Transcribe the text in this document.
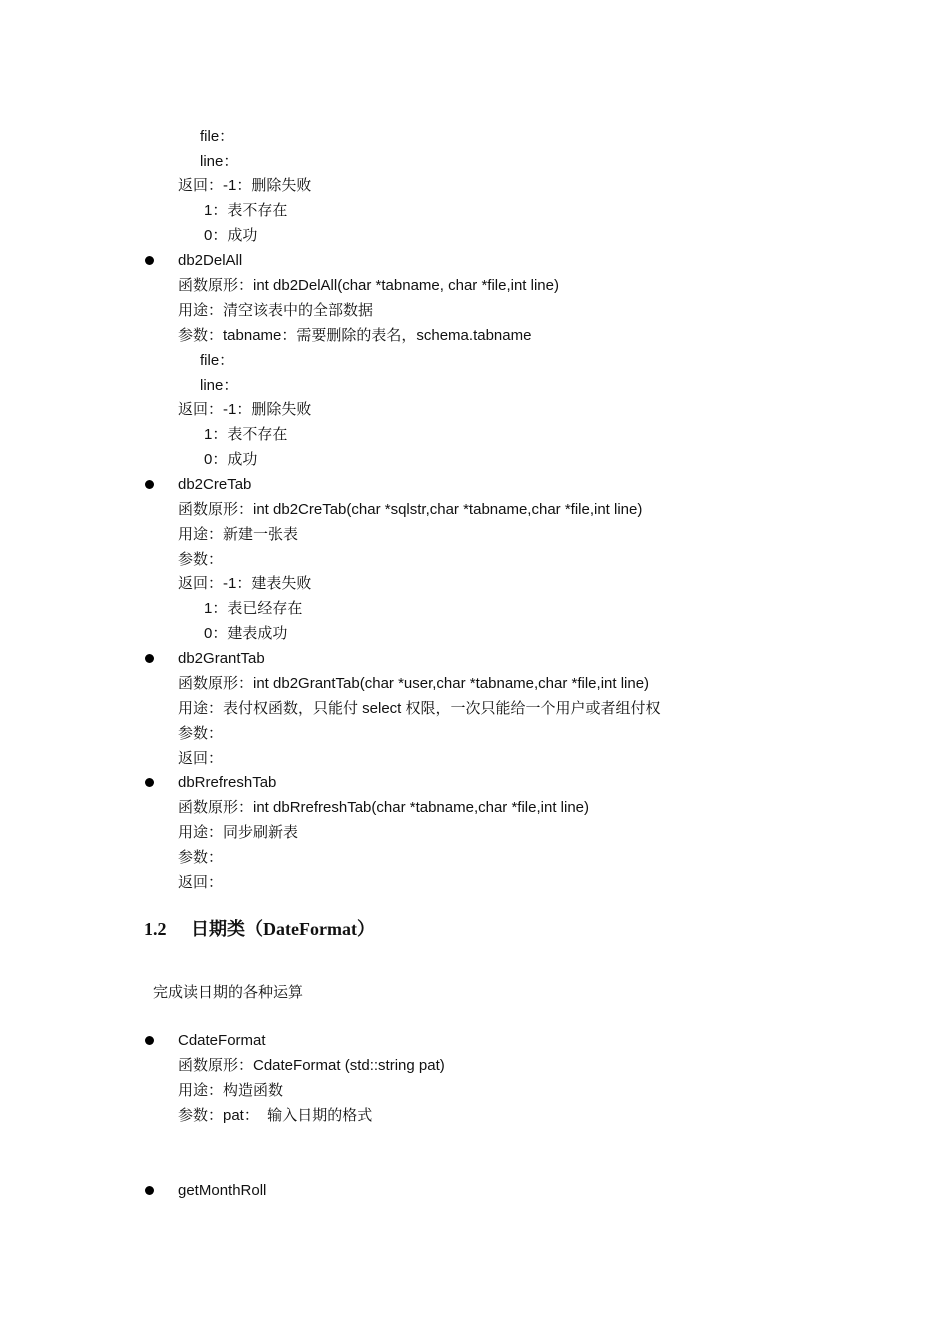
file：
line：
返回：-1：删除失败
1：表不存在
0：成功
db2DelAll
函数原形：int db2DelAll(char *tabname, char *file,int line)
用途：清空该表中的全部数据
参数：tabname：需要删除的表名，schema.tabname
file：
line：
返回：-1：删除失败
1：表不存在
0：成功
db2CreTab
函数原形：int db2CreTab(char *sqlstr,char *tabname,char *file,int line)
用途：新建一张表
参数：
返回：-1：建表失败
1：表已经存在
0：建表成功
db2GrantTab
函数原形：int db2GrantTab(char *user,char *tabname,char *file,int line)
用途：表付权函数，只能付 select 权限，一次只能给一个用户或者组付权
参数：
返回：
dbRrefreshTab
函数原形：int dbRrefreshTab(char *tabname,char *file,int line)
用途：同步刷新表
参数：
返回：
1.2 日期类（DateFormat）
完成读日期的各种运算
CdateFormat
函数原形：CdateFormat (std::string pat)
用途：构造函数
参数：pat：  输入日期的格式
getMonthRoll
